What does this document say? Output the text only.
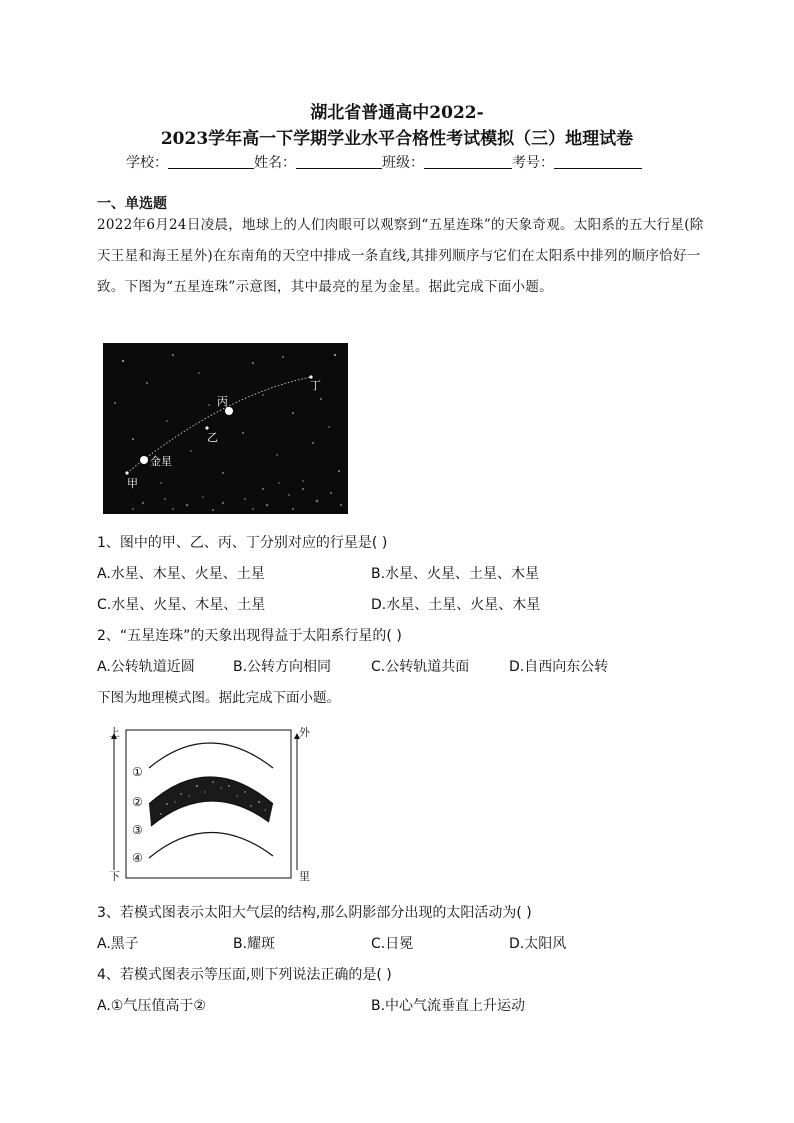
湖北省普通高中2022-
2023学年高一下学期学业水平合格性考试模拟（三）地理试卷
学校：	姓名：	班级：	考号：
一、单选题
2022年6月24日凌晨，地球上的人们肉眼可以观察到“五星连珠”的天象奇观。太阳系的五大行星(除天王星和海王星外)在东南角的天空中排成一条直线,其排列顺序与它们在太阳系中排列的顺序恰好一致。下图为“五星连珠”示意图，其中最亮的星为金星。据此完成下面小题。
甲
金星
乙
丙
丁
1、图中的甲、乙、丙、丁分别对应的行星是( )
A.水星、木星、火星、土星	B.水星、火星、土星、木星
C.水星、火星、木星、土星	D.水星、土星、火星、木星
2、“五星连珠”的天象出现得益于太阳系行星的( )
A.公转轨道近圆	B.公转方向相同	C.公转轨道共面	D.自西向东公转
下图为地理模式图。据此完成下面小题。
上
下
外
里
①
②
③
④
3、若模式图表示太阳大气层的结构,那么阴影部分出现的太阳活动为( )
A.黑子	B.耀斑	C.日冕	D.太阳风
4、若模式图表示等压面,则下列说法正确的是( )
A.①气压值高于②	B.中心气流垂直上升运动
